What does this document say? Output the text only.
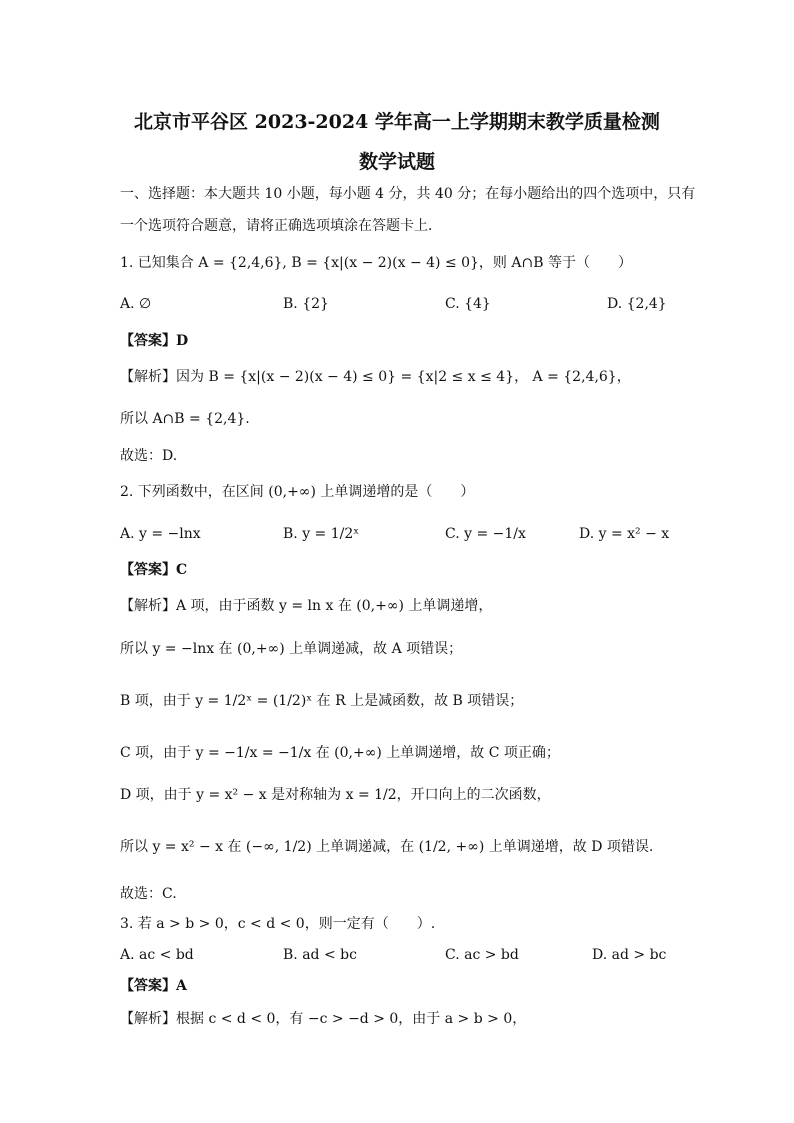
北京市平谷区 2023-2024 学年高一上学期期末教学质量检测
数学试题
一、选择题：本大题共 10 小题，每小题 4 分，共 40 分；在每小题给出的四个选项中，只有
一个选项符合题意，请将正确选项填涂在答题卡上．
1. 已知集合 A = {2,4,6}, B = {x|(x − 2)(x − 4) ≤ 0}，则 A∩B 等于（　　）
A. ∅	B. {2}	C. {4}	D. {2,4}
【答案】D
【解析】因为 B = {x|(x − 2)(x − 4) ≤ 0} = {x|2 ≤ x ≤ 4}， A = {2,4,6}，
所以 A∩B = {2,4}.
故选：D.
2. 下列函数中，在区间 (0,+∞) 上单调递增的是（　　）
A. y = −lnx	B. y = 1/2ˣ	C. y = −1/x	D. y = x² − x
【答案】C
【解析】A 项，由于函数 y = ln x 在 (0,+∞) 上单调递增，
所以 y = −lnx 在 (0,+∞) 上单调递减，故 A 项错误；
B 项，由于 y = 1/2ˣ = (1/2)ˣ 在 R 上是减函数，故 B 项错误；
C 项，由于 y = −1/x = −1/x 在 (0,+∞) 上单调递增，故 C 项正确；
D 项，由于 y = x² − x 是对称轴为 x = 1/2，开口向上的二次函数，
所以 y = x² − x 在 (−∞, 1/2) 上单调递减，在 (1/2, +∞) 上单调递增，故 D 项错误.
故选：C.
3. 若 a > b > 0，c < d < 0，则一定有（　　）.
A. ac < bd	B. ad < bc	C. ac > bd	D. ad > bc
【答案】A
【解析】根据 c < d < 0，有 −c > −d > 0，由于 a > b > 0，
